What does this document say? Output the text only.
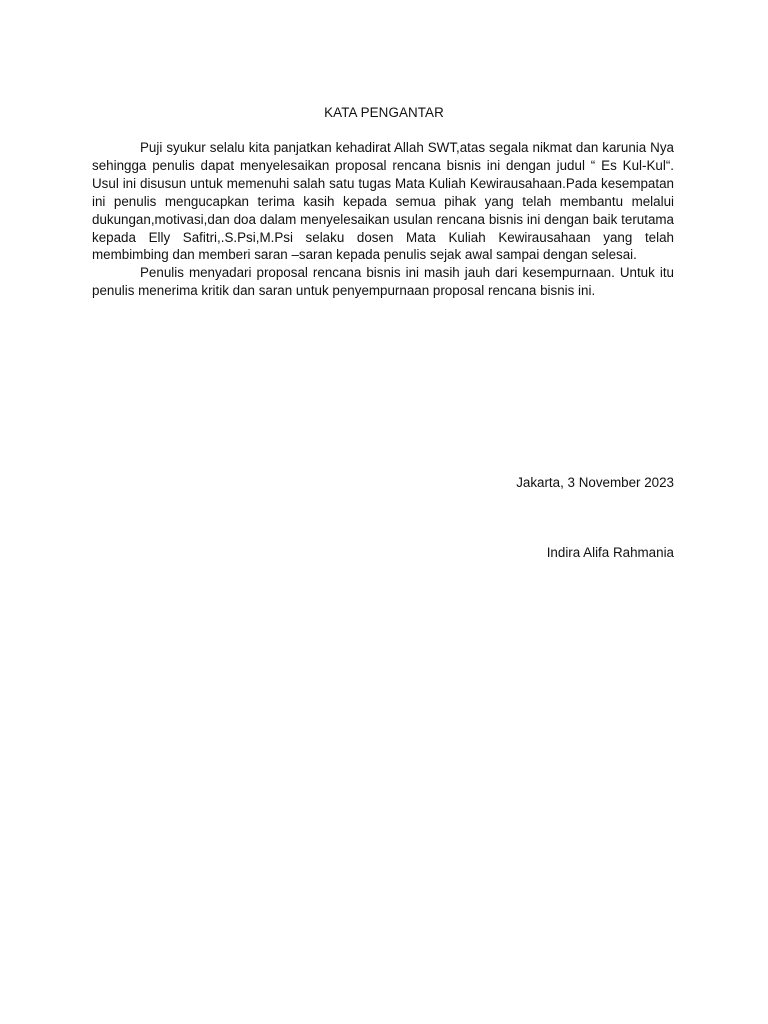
KATA PENGANTAR

Puji syukur selalu kita panjatkan kehadirat Allah SWT,atas segala nikmat dan karunia Nya sehingga penulis dapat menyelesaikan proposal rencana bisnis ini dengan judul “ Es Kul-Kul“. Usul ini disusun untuk memenuhi salah satu tugas Mata Kuliah Kewirausahaan.Pada kesempatan ini penulis mengucapkan terima kasih kepada semua pihak yang telah membantu melalui dukungan,motivasi,dan doa dalam menyelesaikan usulan rencana bisnis ini dengan baik terutama kepada Elly Safitri,.S.Psi,M.Psi selaku dosen Mata Kuliah Kewirausahaan yang telah membimbing dan memberi saran –saran kepada penulis sejak awal sampai dengan selesai.

Penulis menyadari proposal rencana bisnis ini masih jauh dari kesempurnaan. Untuk itu penulis menerima kritik dan saran untuk penyempurnaan proposal rencana bisnis ini.

Jakarta, 3 November 2023
Indira Alifa Rahmania
